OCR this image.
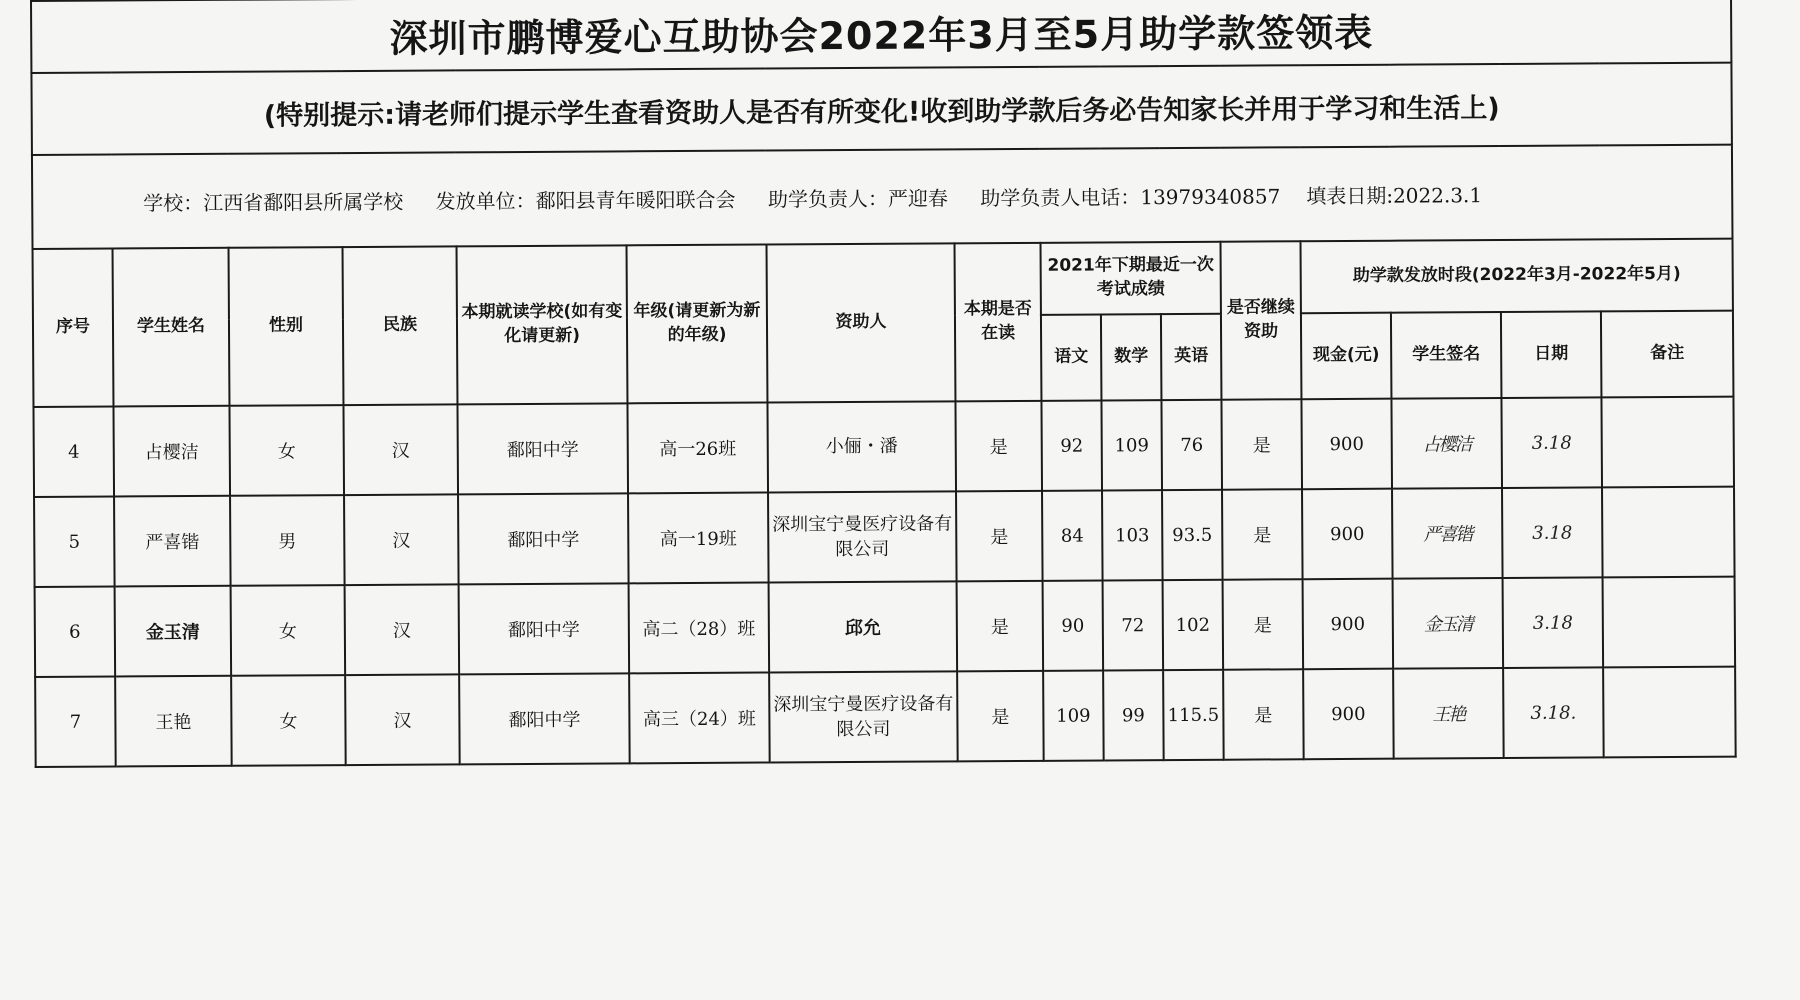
深圳市鹏博爱心互助协会2022年3月至5月助学款签领表															
(特别提示:请老师们提示学生查看资助人是否有所变化!收到助学款后务必告知家长并用于学习和生活上)															
学校：江西省鄱阳县所属学校 发放单位：鄱阳县青年暖阳联合会 助学负责人：严迎春 助学负责人电话：13979340857 填表日期:2022.3.1															
序号	学生姓名	性别	民族	本期就读学校(如有变化请更新)	年级(请更新为新的年级)	资助人	本期是否在读	2021年下期最近一次考试成绩			是否继续资助	助学款发放时段(2022年3月-2022年5月)			
								语文	数学	英语		现金(元)	学生签名	日期	备注
4	占樱洁	女	汉	鄱阳中学	高一26班	小俪・潘	是	92	109	76	是	900	占樱洁	3.18	
5	严喜锴	男	汉	鄱阳中学	高一19班	深圳宝宁曼医疗设备有限公司	是	84	103	93.5	是	900	严喜锴	3.18	
6	金玉清	女	汉	鄱阳中学	高二（28）班	邱允	是	90	72	102	是	900	金玉清	3.18	
7	王艳	女	汉	鄱阳中学	高三（24）班	深圳宝宁曼医疗设备有限公司	是	109	99	115.5	是	900	王艳	3.18.	
